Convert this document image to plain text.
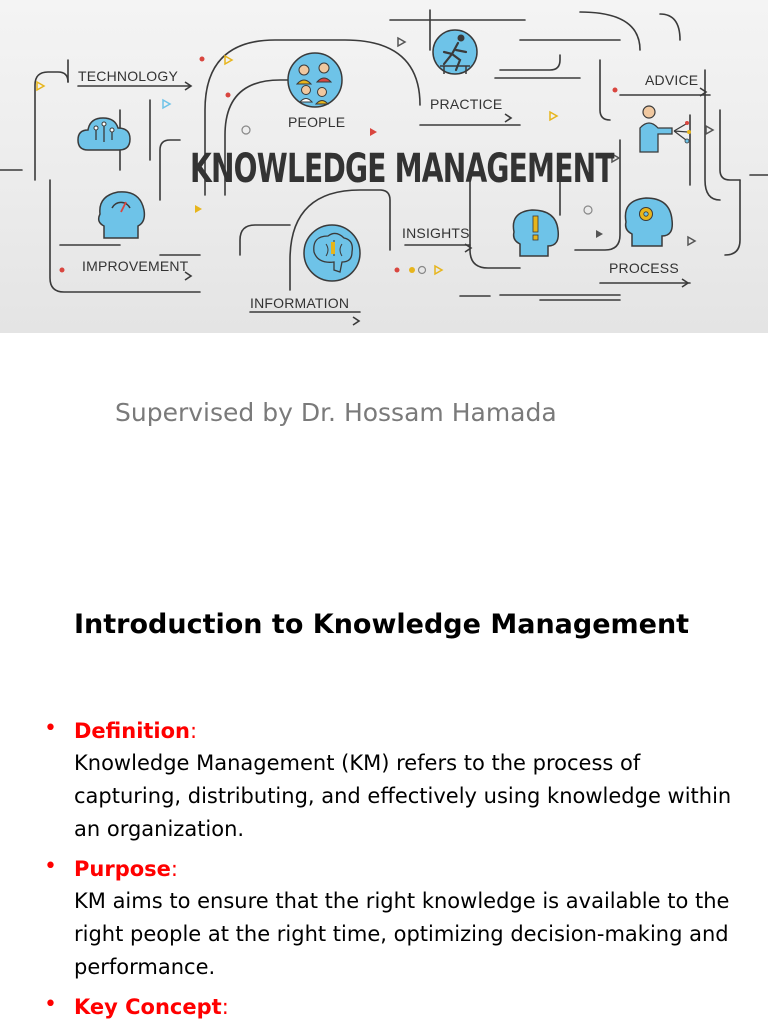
TECHNOLOGY
PEOPLE
PRACTICE
ADVICE
IMPROVEMENT
INFORMATION
INSIGHTS
PROCESS
KNOWLEDGE MANAGEMENT
Supervised by Dr. Hossam Hamada
Introduction to Knowledge Management
• Definition:
Knowledge Management (KM) refers to the process of capturing, distributing, and effectively using knowledge within an organization.
• Purpose:
KM aims to ensure that the right knowledge is available to the right people at the right time, optimizing decision-making and performance.
• Key Concept:
